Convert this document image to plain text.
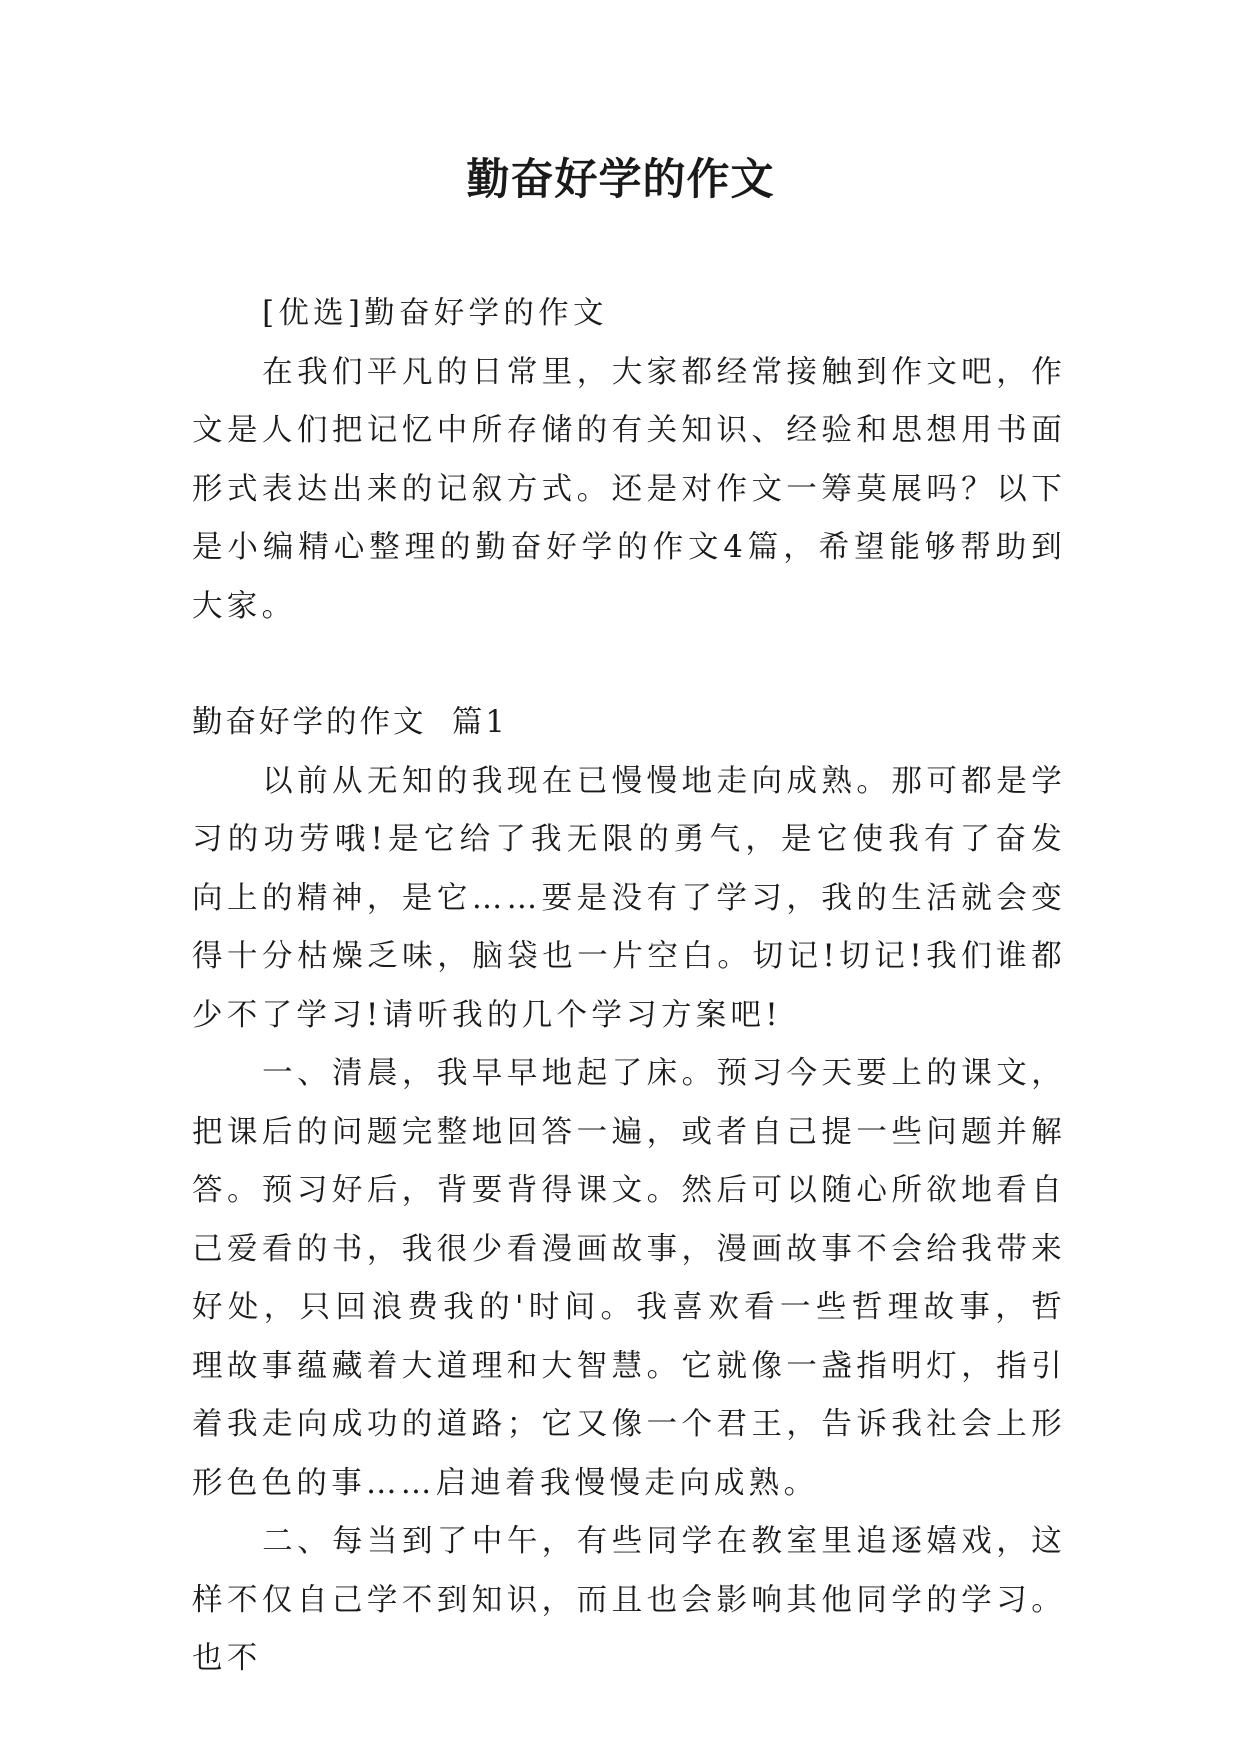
勤奋好学的作文

[优选]勤奋好学的作文

在我们平凡的日常里，大家都经常接触到作文吧，作文是人们把记忆中所存储的有关知识、经验和思想用书面形式表达出来的记叙方式。还是对作文一筹莫展吗？以下是小编精心整理的勤奋好学的作文4篇，希望能够帮助到大家。

勤奋好学的作文  篇1

以前从无知的我现在已慢慢地走向成熟。那可都是学习的功劳哦!是它给了我无限的勇气，是它使我有了奋发向上的精神，是它……要是没有了学习，我的生活就会变得十分枯燥乏味，脑袋也一片空白。切记!切记!我们谁都少不了学习!请听我的几个学习方案吧!

一、清晨，我早早地起了床。预习今天要上的课文，把课后的问题完整地回答一遍，或者自己提一些问题并解答。预习好后，背要背得课文。然后可以随心所欲地看自己爱看的书，我很少看漫画故事，漫画故事不会给我带来好处，只回浪费我的'时间。我喜欢看一些哲理故事，哲理故事蕴藏着大道理和大智慧。它就像一盏指明灯，指引着我走向成功的道路；它又像一个君王，告诉我社会上形形色色的事……启迪着我慢慢走向成熟。

二、每当到了中午，有些同学在教室里追逐嬉戏，这样不仅自己学不到知识，而且也会影响其他同学的学习。也不
